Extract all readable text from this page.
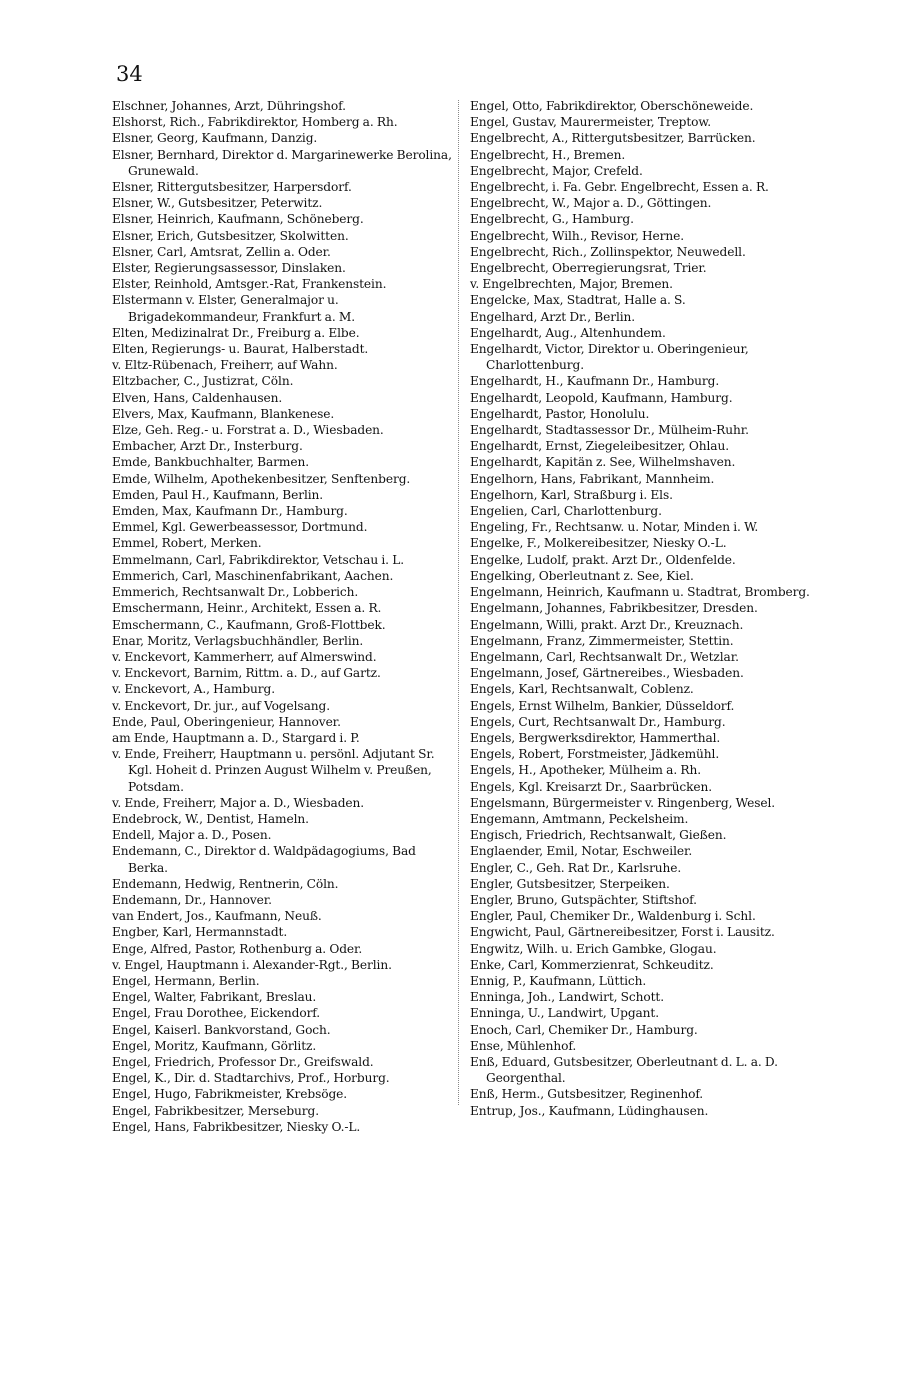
34
Elschner, Johannes, Arzt, Dühringshof.
Elshorst, Rich., Fabrikdirektor, Homberg a. Rh.
Elsner, Georg, Kaufmann, Danzig.
Elsner, Bernhard, Direktor d. Margarinewerke Berolina, Grunewald.
Elsner, Rittergutsbesitzer, Harpersdorf.
Elsner, W., Gutsbesitzer, Peterwitz.
Elsner, Heinrich, Kaufmann, Schöneberg.
Elsner, Erich, Gutsbesitzer, Skolwitten.
Elsner, Carl, Amtsrat, Zellin a. Oder.
Elster, Regierungsassessor, Dinslaken.
Elster, Reinhold, Amtsger.-Rat, Frankenstein.
Elstermann v. Elster, Generalmajor u. Brigadekommandeur, Frankfurt a. M.
Elten, Medizinalrat Dr., Freiburg a. Elbe.
Elten, Regierungs- u. Baurat, Halberstadt.
v. Eltz-Rübenach, Freiherr, auf Wahn.
Eltzbacher, C., Justizrat, Cöln.
Elven, Hans, Caldenhausen.
Elvers, Max, Kaufmann, Blankenese.
Elze, Geh. Reg.- u. Forstrat a. D., Wiesbaden.
Embacher, Arzt Dr., Insterburg.
Emde, Bankbuchhalter, Barmen.
Emde, Wilhelm, Apothekenbesitzer, Senftenberg.
Emden, Paul H., Kaufmann, Berlin.
Emden, Max, Kaufmann Dr., Hamburg.
Emmel, Kgl. Gewerbeassessor, Dortmund.
Emmel, Robert, Merken.
Emmelmann, Carl, Fabrikdirektor, Vetschau i. L.
Emmerich, Carl, Maschinenfabrikant, Aachen.
Emmerich, Rechtsanwalt Dr., Lobberich.
Emschermann, Heinr., Architekt, Essen a. R.
Emschermann, C., Kaufmann, Groß-Flottbek.
Enar, Moritz, Verlagsbuchhändler, Berlin.
v. Enckevort, Kammerherr, auf Almerswind.
v. Enckevort, Barnim, Rittm. a. D., auf Gartz.
v. Enckevort, A., Hamburg.
v. Enckevort, Dr. jur., auf Vogelsang.
Ende, Paul, Oberingenieur, Hannover.
am Ende, Hauptmann a. D., Stargard i. P.
v. Ende, Freiherr, Hauptmann u. persönl. Adjutant Sr. Kgl. Hoheit d. Prinzen August Wilhelm v. Preußen, Potsdam.
v. Ende, Freiherr, Major a. D., Wiesbaden.
Endebrock, W., Dentist, Hameln.
Endell, Major a. D., Posen.
Endemann, C., Direktor d. Waldpädagogiums, Bad Berka.
Endemann, Hedwig, Rentnerin, Cöln.
Endemann, Dr., Hannover.
van Endert, Jos., Kaufmann, Neuß.
Engber, Karl, Hermannstadt.
Enge, Alfred, Pastor, Rothenburg a. Oder.
v. Engel, Hauptmann i. Alexander-Rgt., Berlin.
Engel, Hermann, Berlin.
Engel, Walter, Fabrikant, Breslau.
Engel, Frau Dorothee, Eickendorf.
Engel, Kaiserl. Bankvorstand, Goch.
Engel, Moritz, Kaufmann, Görlitz.
Engel, Friedrich, Professor Dr., Greifswald.
Engel, K., Dir. d. Stadtarchivs, Prof., Horburg.
Engel, Hugo, Fabrikmeister, Krebsöge.
Engel, Fabrikbesitzer, Merseburg.
Engel, Hans, Fabrikbesitzer, Niesky O.-L.
Engel, Otto, Fabrikdirektor, Oberschöneweide.
Engel, Gustav, Maurermeister, Treptow.
Engelbrecht, A., Rittergutsbesitzer, Barrücken.
Engelbrecht, H., Bremen.
Engelbrecht, Major, Crefeld.
Engelbrecht, i. Fa. Gebr. Engelbrecht, Essen a. R.
Engelbrecht, W., Major a. D., Göttingen.
Engelbrecht, G., Hamburg.
Engelbrecht, Wilh., Revisor, Herne.
Engelbrecht, Rich., Zollinspektor, Neuwedell.
Engelbrecht, Oberregierungsrat, Trier.
v. Engelbrechten, Major, Bremen.
Engelcke, Max, Stadtrat, Halle a. S.
Engelhard, Arzt Dr., Berlin.
Engelhardt, Aug., Altenhundem.
Engelhardt, Victor, Direktor u. Oberingenieur, Charlottenburg.
Engelhardt, H., Kaufmann Dr., Hamburg.
Engelhardt, Leopold, Kaufmann, Hamburg.
Engelhardt, Pastor, Honolulu.
Engelhardt, Stadtassessor Dr., Mülheim-Ruhr.
Engelhardt, Ernst, Ziegeleibesitzer, Ohlau.
Engelhardt, Kapitän z. See, Wilhelmshaven.
Engelhorn, Hans, Fabrikant, Mannheim.
Engelhorn, Karl, Straßburg i. Els.
Engelien, Carl, Charlottenburg.
Engeling, Fr., Rechtsanw. u. Notar, Minden i. W.
Engelke, F., Molkereibesitzer, Niesky O.-L.
Engelke, Ludolf, prakt. Arzt Dr., Oldenfelde.
Engelking, Oberleutnant z. See, Kiel.
Engelmann, Heinrich, Kaufmann u. Stadtrat, Bromberg.
Engelmann, Johannes, Fabrikbesitzer, Dresden.
Engelmann, Willi, prakt. Arzt Dr., Kreuznach.
Engelmann, Franz, Zimmermeister, Stettin.
Engelmann, Carl, Rechtsanwalt Dr., Wetzlar.
Engelmann, Josef, Gärtnereibes., Wiesbaden.
Engels, Karl, Rechtsanwalt, Coblenz.
Engels, Ernst Wilhelm, Bankier, Düsseldorf.
Engels, Curt, Rechtsanwalt Dr., Hamburg.
Engels, Bergwerksdirektor, Hammerthal.
Engels, Robert, Forstmeister, Jädkemühl.
Engels, H., Apotheker, Mülheim a. Rh.
Engels, Kgl. Kreisarzt Dr., Saarbrücken.
Engelsmann, Bürgermeister v. Ringenberg, Wesel.
Engemann, Amtmann, Peckelsheim.
Engisch, Friedrich, Rechtsanwalt, Gießen.
Englaender, Emil, Notar, Eschweiler.
Engler, C., Geh. Rat Dr., Karlsruhe.
Engler, Gutsbesitzer, Sterpeiken.
Engler, Bruno, Gutspächter, Stiftshof.
Engler, Paul, Chemiker Dr., Waldenburg i. Schl.
Engwicht, Paul, Gärtnereibesitzer, Forst i. Lausitz.
Engwitz, Wilh. u. Erich Gambke, Glogau.
Enke, Carl, Kommerzienrat, Schkeuditz.
Ennig, P., Kaufmann, Lüttich.
Enninga, Joh., Landwirt, Schott.
Enninga, U., Landwirt, Upgant.
Enoch, Carl, Chemiker Dr., Hamburg.
Ense, Mühlenhof.
Enß, Eduard, Gutsbesitzer, Oberleutnant d. L. a. D. Georgenthal.
Enß, Herm., Gutsbesitzer, Reginenhof.
Entrup, Jos., Kaufmann, Lüdinghausen.
